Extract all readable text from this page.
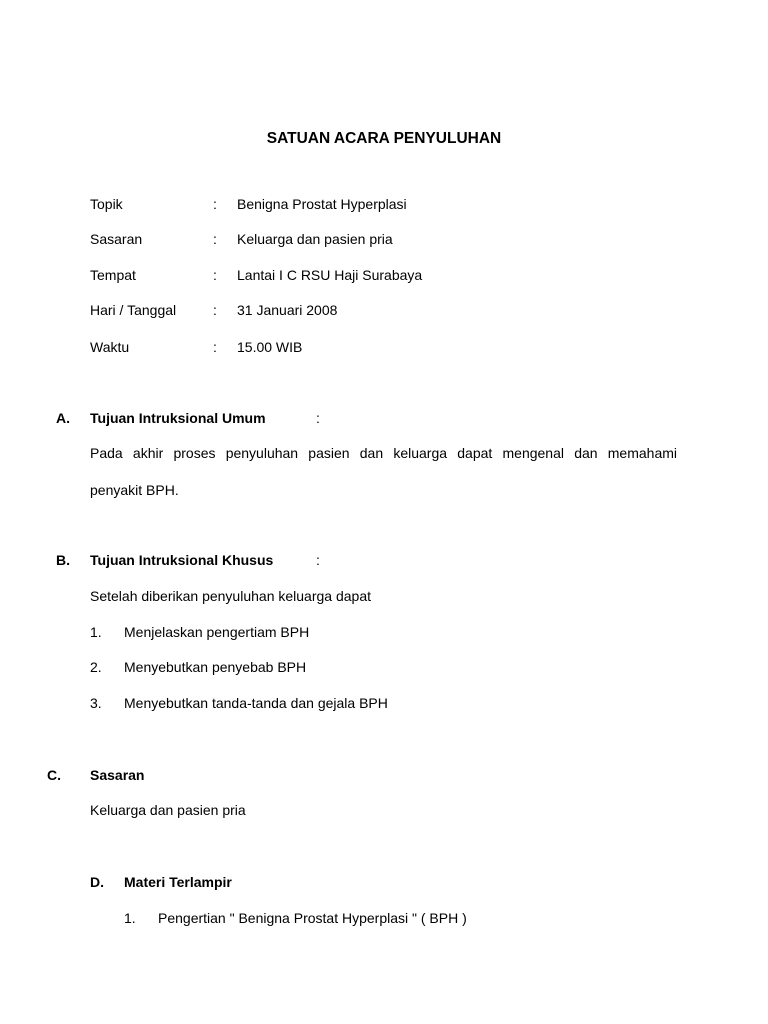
SATUAN ACARA PENYULUHAN
Topik	: Benigna Prostat Hyperplasi
Sasaran	: Keluarga dan pasien pria
Tempat	: Lantai I C RSU Haji Surabaya
Hari / Tanggal	: 31 Januari 2008
Waktu	: 15.00 WIB
A. Tujuan Intruksional Umum	:
Pada akhir proses penyuluhan pasien dan keluarga dapat mengenal dan memahami
penyakit BPH.
B. Tujuan Intruksional Khusus	:
Setelah diberikan penyuluhan keluarga dapat
1. Menjelaskan pengertiam BPH
2. Menyebutkan penyebab BPH
3. Menyebutkan tanda-tanda dan gejala BPH
C. Sasaran
Keluarga dan pasien pria
D. Materi Terlampir
1. Pengertian " Benigna Prostat Hyperplasi " ( BPH )
